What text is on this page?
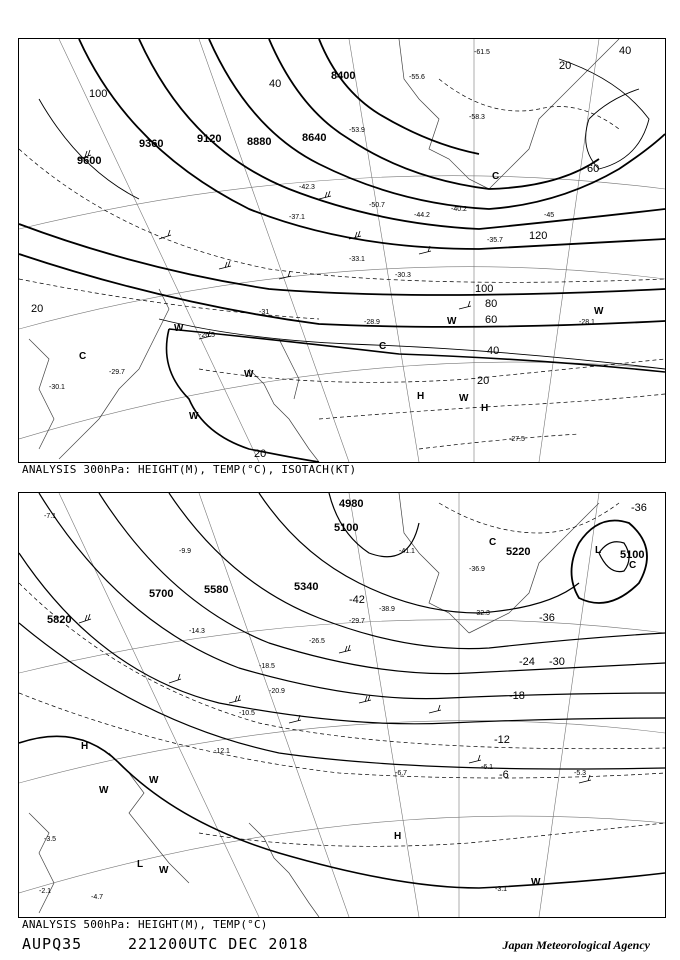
9600
9360	9120 8880	8640
8400
20
40
60
80
100
120
40
20
20
20
60
100
40
H
H
C
C
W
W
W
W
W
W
C
-28.9
-30.3
-33.1
-35.7
-40.2
-45
-50.7
-53.9
-58.3
-27.5
-28.1
-29.7
-30.1
-26.5
-31
-37.1
-42.3
-44.2
-55.6
-61.5
ANALYSIS 300hPa: HEIGHT(M), TEMP(°C), ISOTACH(KT)
5700	5580
5820
5340
5100
5220	5100
4980
-36
-30
-24
-18
-12
-6
-36
-42
H
H
L
L
W
W
W
C
C
W
-7.1
-9.9
-14.3
-18.5
-20.9
-26.5
-29.7
-32.3
-36.9
-38.9
-41.1
-6.7
-6.1
-5.3
-3.1
-4.7
-3.5
-2.1
-10.5
-12.1
ANALYSIS 500hPa: HEIGHT(M), TEMP(°C)
AUPQ35	221200UTC DEC 2018	Japan Meteorological Agency
